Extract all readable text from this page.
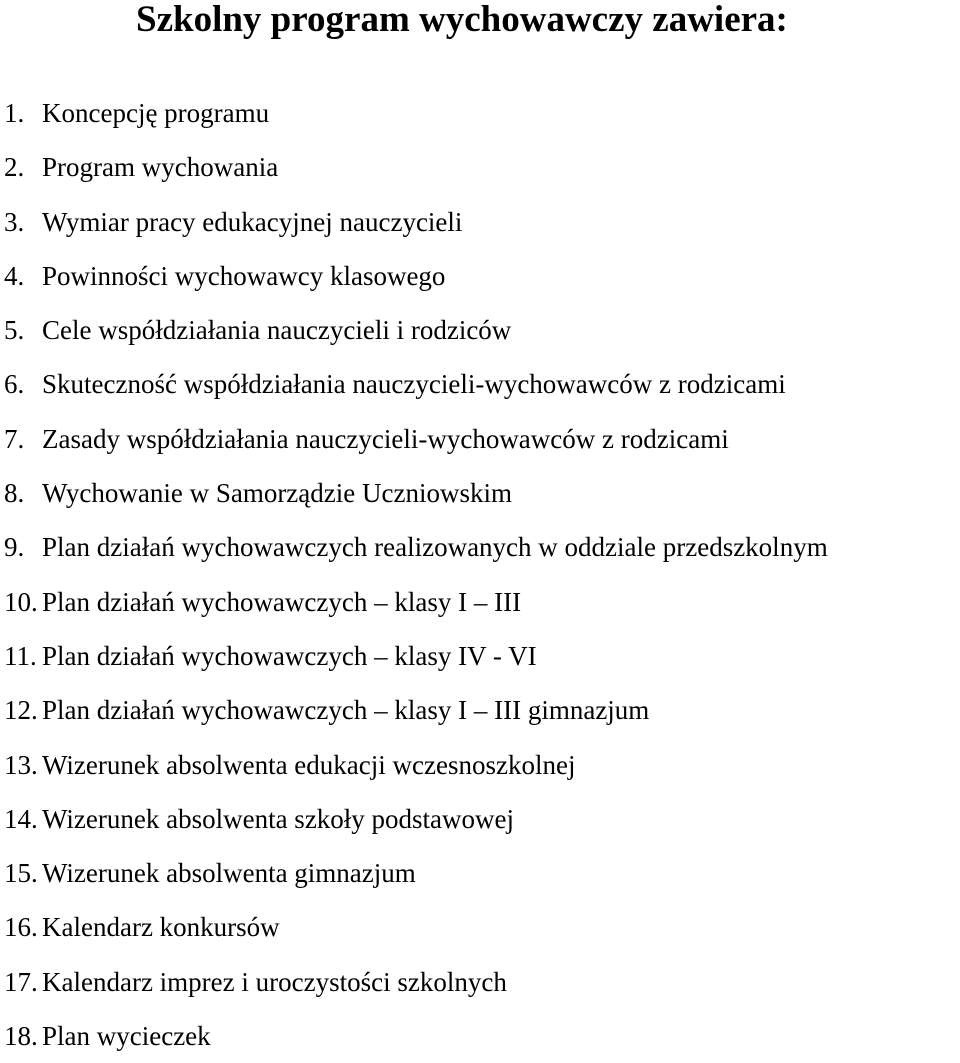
Szkolny program wychowawczy zawiera:
1. Koncepcję programu
2. Program wychowania
3. Wymiar pracy edukacyjnej nauczycieli
4. Powinności wychowawcy klasowego
5. Cele współdziałania nauczycieli i rodziców
6. Skuteczność współdziałania nauczycieli-wychowawców z rodzicami
7. Zasady współdziałania nauczycieli-wychowawców z rodzicami
8. Wychowanie w Samorządzie Uczniowskim
9. Plan działań wychowawczych realizowanych w oddziale przedszkolnym
10. Plan działań wychowawczych – klasy I – III
11. Plan działań wychowawczych – klasy IV - VI
12. Plan działań wychowawczych – klasy I – III gimnazjum
13. Wizerunek absolwenta edukacji wczesnoszkolnej
14. Wizerunek absolwenta szkoły podstawowej
15. Wizerunek absolwenta gimnazjum
16. Kalendarz konkursów
17. Kalendarz imprez i uroczystości szkolnych
18. Plan wycieczek
